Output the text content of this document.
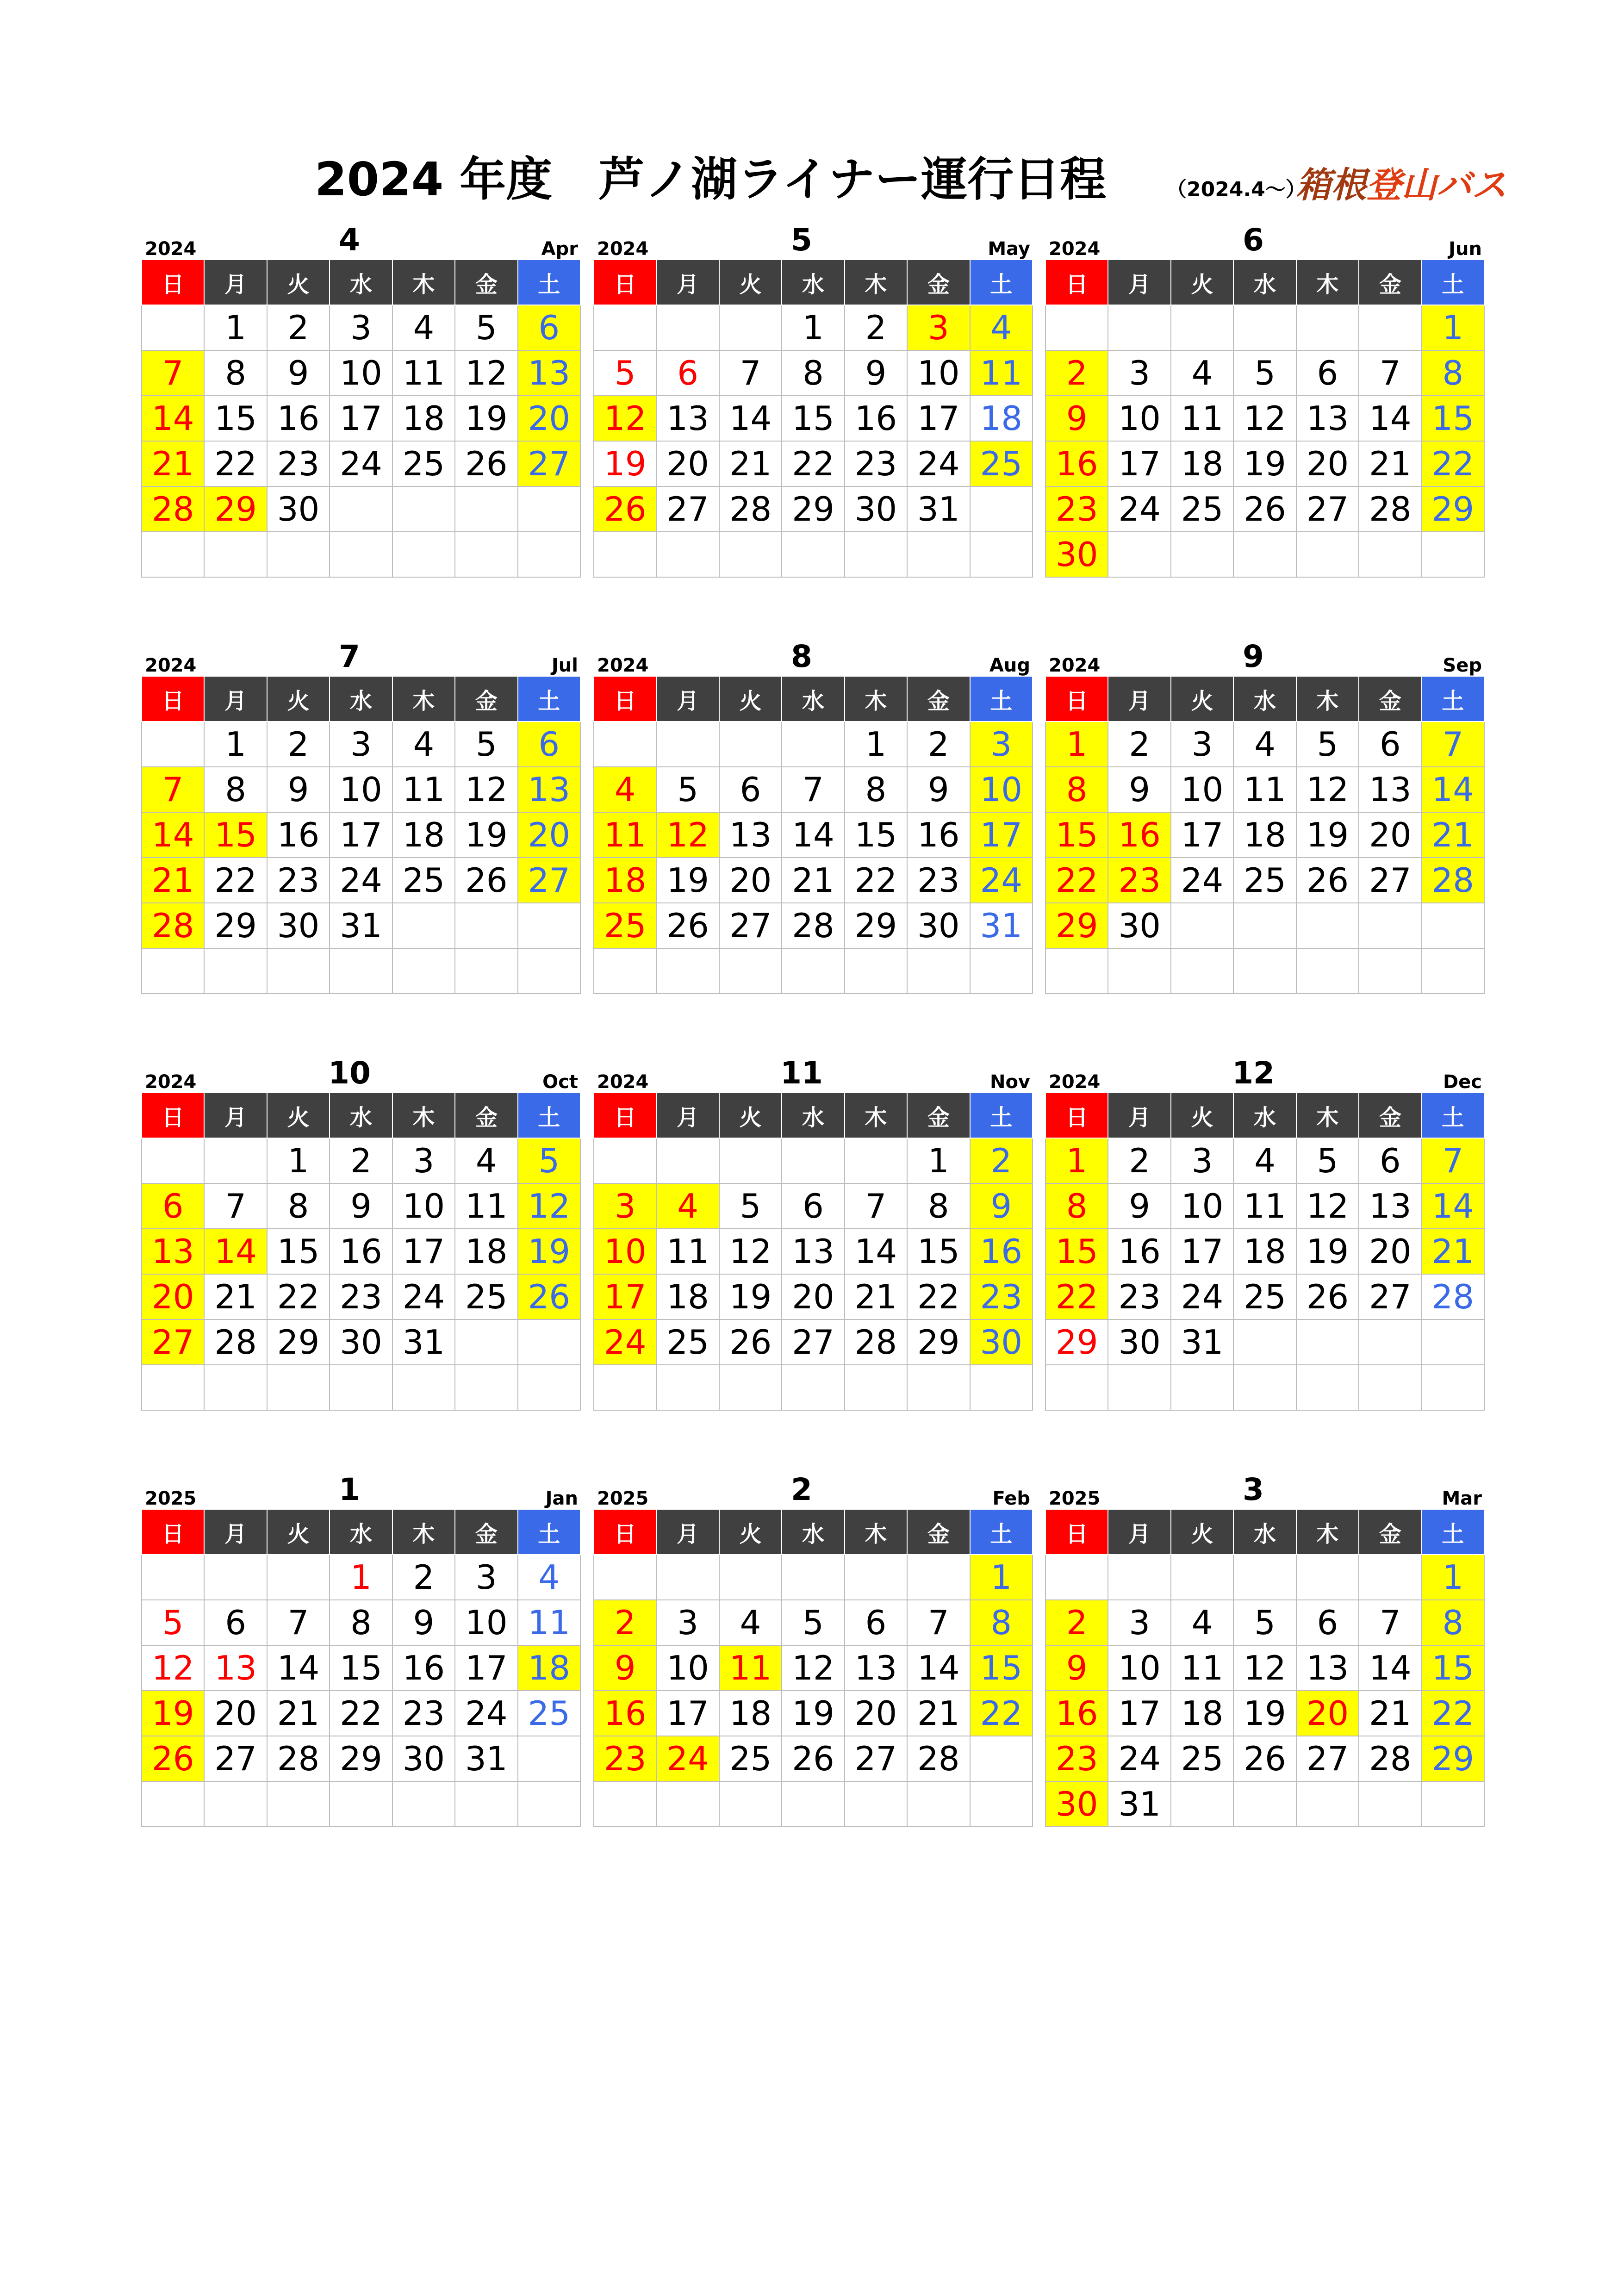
2024 年度　芦ノ湖ライナー運行日程	（2024.4～）
箱根登山バス
2024	4	Apr
日	月	火	水	木	金	土
	1	2	3	4	5	6
7	8	9	10	11	12	13
14	15	16	17	18	19	20
21	22	23	24	25	26	27
28	29	30				

2024	5	May
日	月	火	水	木	金	土
			1	2	3	4
5	6	7	8	9	10	11
12	13	14	15	16	17	18
19	20	21	22	23	24	25
26	27	28	29	30	31	

2024	6	Jun
日	月	火	水	木	金	土
						1
2	3	4	5	6	7	8
9	10	11	12	13	14	15
16	17	18	19	20	21	22
23	24	25	26	27	28	29
30						
2024	7	Jul
日	月	火	水	木	金	土
	1	2	3	4	5	6
7	8	9	10	11	12	13
14	15	16	17	18	19	20
21	22	23	24	25	26	27
28	29	30	31			

2024	8	Aug
日	月	火	水	木	金	土
				1	2	3
4	5	6	7	8	9	10
11	12	13	14	15	16	17
18	19	20	21	22	23	24
25	26	27	28	29	30	31

2024	9	Sep
日	月	火	水	木	金	土
1	2	3	4	5	6	7
8	9	10	11	12	13	14
15	16	17	18	19	20	21
22	23	24	25	26	27	28
29	30					

2024	10	Oct
日	月	火	水	木	金	土
		1	2	3	4	5
6	7	8	9	10	11	12
13	14	15	16	17	18	19
20	21	22	23	24	25	26
27	28	29	30	31		

2024	11	Nov
日	月	火	水	木	金	土
					1	2
3	4	5	6	7	8	9
10	11	12	13	14	15	16
17	18	19	20	21	22	23
24	25	26	27	28	29	30

2024	12	Dec
日	月	火	水	木	金	土
1	2	3	4	5	6	7
8	9	10	11	12	13	14
15	16	17	18	19	20	21
22	23	24	25	26	27	28
29	30	31				

2025	1	Jan
日	月	火	水	木	金	土
			1	2	3	4
5	6	7	8	9	10	11
12	13	14	15	16	17	18
19	20	21	22	23	24	25
26	27	28	29	30	31	

2025	2	Feb
日	月	火	水	木	金	土
						1
2	3	4	5	6	7	8
9	10	11	12	13	14	15
16	17	18	19	20	21	22
23	24	25	26	27	28	

2025	3	Mar
日	月	火	水	木	金	土
						1
2	3	4	5	6	7	8
9	10	11	12	13	14	15
16	17	18	19	20	21	22
23	24	25	26	27	28	29
30	31					
